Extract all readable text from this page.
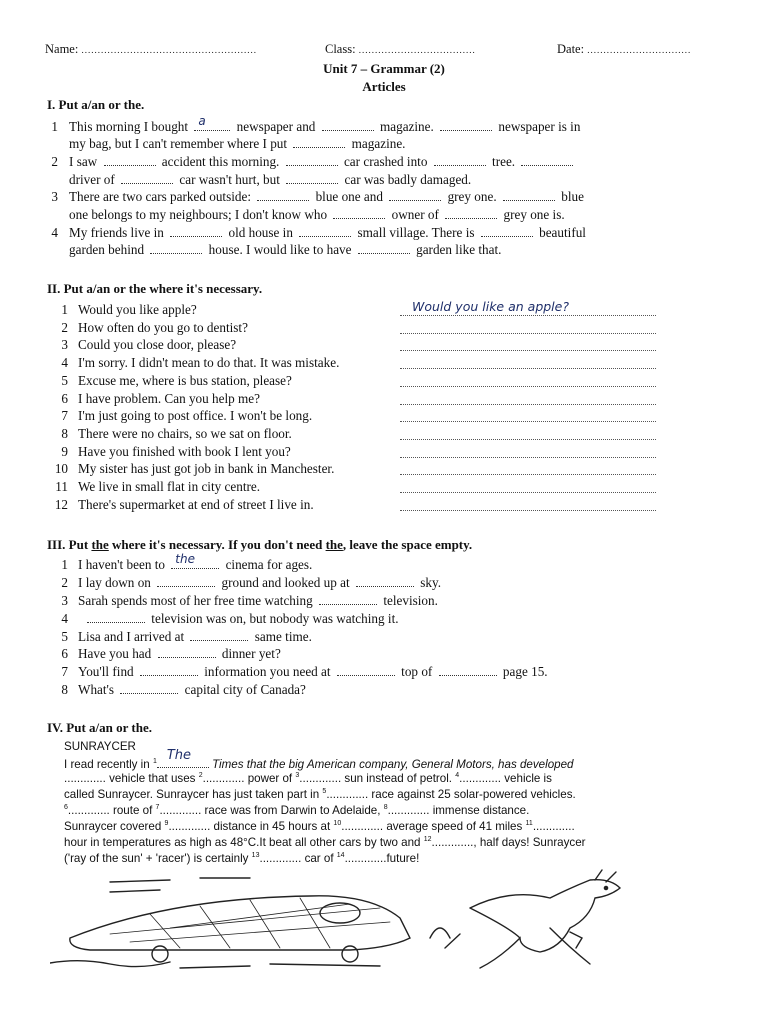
Name: ......................................................	Class: ....................................	Date: ................................
Unit 7 – Grammar (2)
Articles
I. Put a/an or the.
1 This morning I bought a newspaper and	magazine.	newspaper is in
my bag, but I can't remember where I put	magazine.
2 I saw	accident this morning.	car crashed into	tree.
driver of	car wasn't hurt, but	car was badly damaged.
3 There are two cars parked outside:	blue one and	grey one.	blue
one belongs to my neighbours; I don't know who	owner of	grey one is.
4 My friends live in	old house in	small village. There is	beautiful
garden behind	house. I would like to have	garden like that.
II. Put a/an or the where it's necessary.
1 Would you like apple?
2 How often do you go to dentist?
3 Could you close door, please?
4 I'm sorry. I didn't mean to do that. It was mistake.
5 Excuse me, where is bus station, please?
6 I have problem. Can you help me?
7 I'm just going to post office. I won't be long.
8 There were no chairs, so we sat on floor.
9 Have you finished with book I lent you?
10 My sister has just got job in bank in Manchester.
11 We live in small flat in city centre.
12 There's supermarket at end of street I live in.
Would you like an apple?
III. Put the where it's necessary. If you don't need the, leave the space empty.
1 I haven't been to the cinema for ages.
2 I lay down on	ground and looked up at	sky.
3 Sarah spends most of her free time watching	television.
4	television was on, but nobody was watching it.
5 Lisa and I arrived at	same time.
6 Have you had	dinner yet?
7 You'll find	information you need at	top of	page 15.
8 What's	capital city of Canada?
IV. Put a/an or the.
SUNRAYCER
I read recently in $^1$ The
Times that the big American company, General Motors, has developed
............. vehicle that uses $^2$............. power of $^3$............. sun instead of petrol. $^4$............. vehicle is
called Sunraycer. Sunraycer has just taken part in $^5$............. race against 25 solar-powered vehicles.
$^6$............. route of $^7$............. race was from Darwin to Adelaide, $^8$............. immense distance.
Sunraycer covered $^9$............. distance in 45 hours at $^{10}$............. average speed of 41 miles $^{11}$.............
hour in temperatures as high as 48°C.It beat all other cars by two and $^{12}$............., half days! Sunraycer
('ray of the sun' + 'racer') is certainly $^{13}$............. car of $^{14}$.............future!
